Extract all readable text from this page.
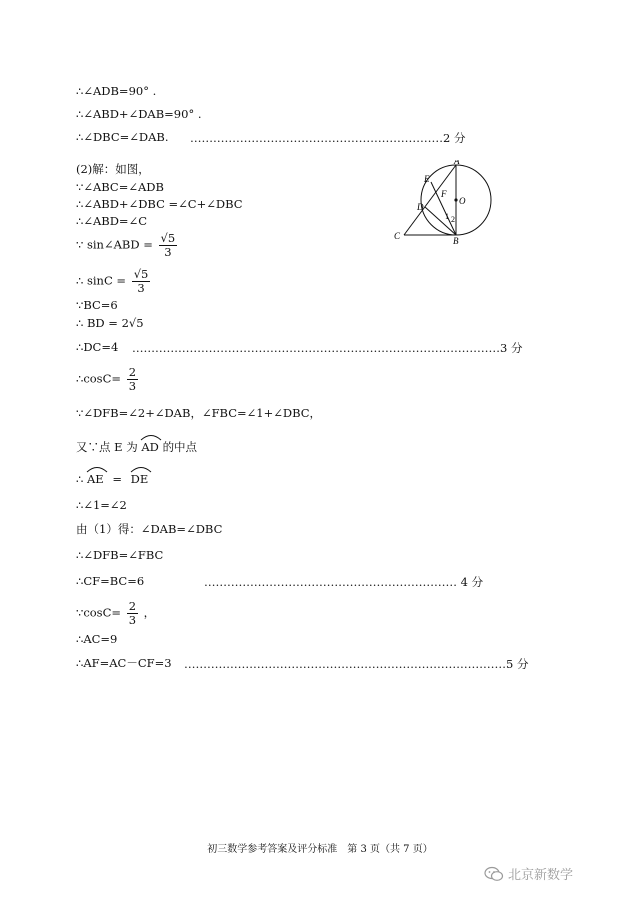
∴∠ADB=90° .
∴∠ABD+∠DAB=90° .
∴∠DBC=∠DAB. …………………………………………………………2 分
(2)解：如图，
∵∠ABC=∠ADB
∴∠ABD+∠DBC =∠C+∠DBC
∴∠ABD=∠C
∵ sin∠ABD = $\frac{√5}{3}$
∴ $\sin C = \frac{√5}{3}$
∵BC=6
∴ BD = 2√5
∴DC=4 ……………………………………………………………………………………3 分
∴cosC= $\frac{2}{3}$
∵∠DFB=∠2+∠DAB，∠FBC=∠1+∠DBC，
又∵点 E 为 AD 的中点
∴ AE = DE
∴∠1=∠2
由（1）得：∠DAB=∠DBC
∴∠DFB=∠FBC
∴CF=BC=6	………………………………………………………… 4 分
∵cosC= $\frac{2}{3}$ ，
∴AC=9
∴AF=AC－CF=3 …………………………………………………………………………5 分
A
E
F
O
D
1 2
C	B
初三数学参考答案及评分标准　第 3 页（共 7 页）
北京新数学
